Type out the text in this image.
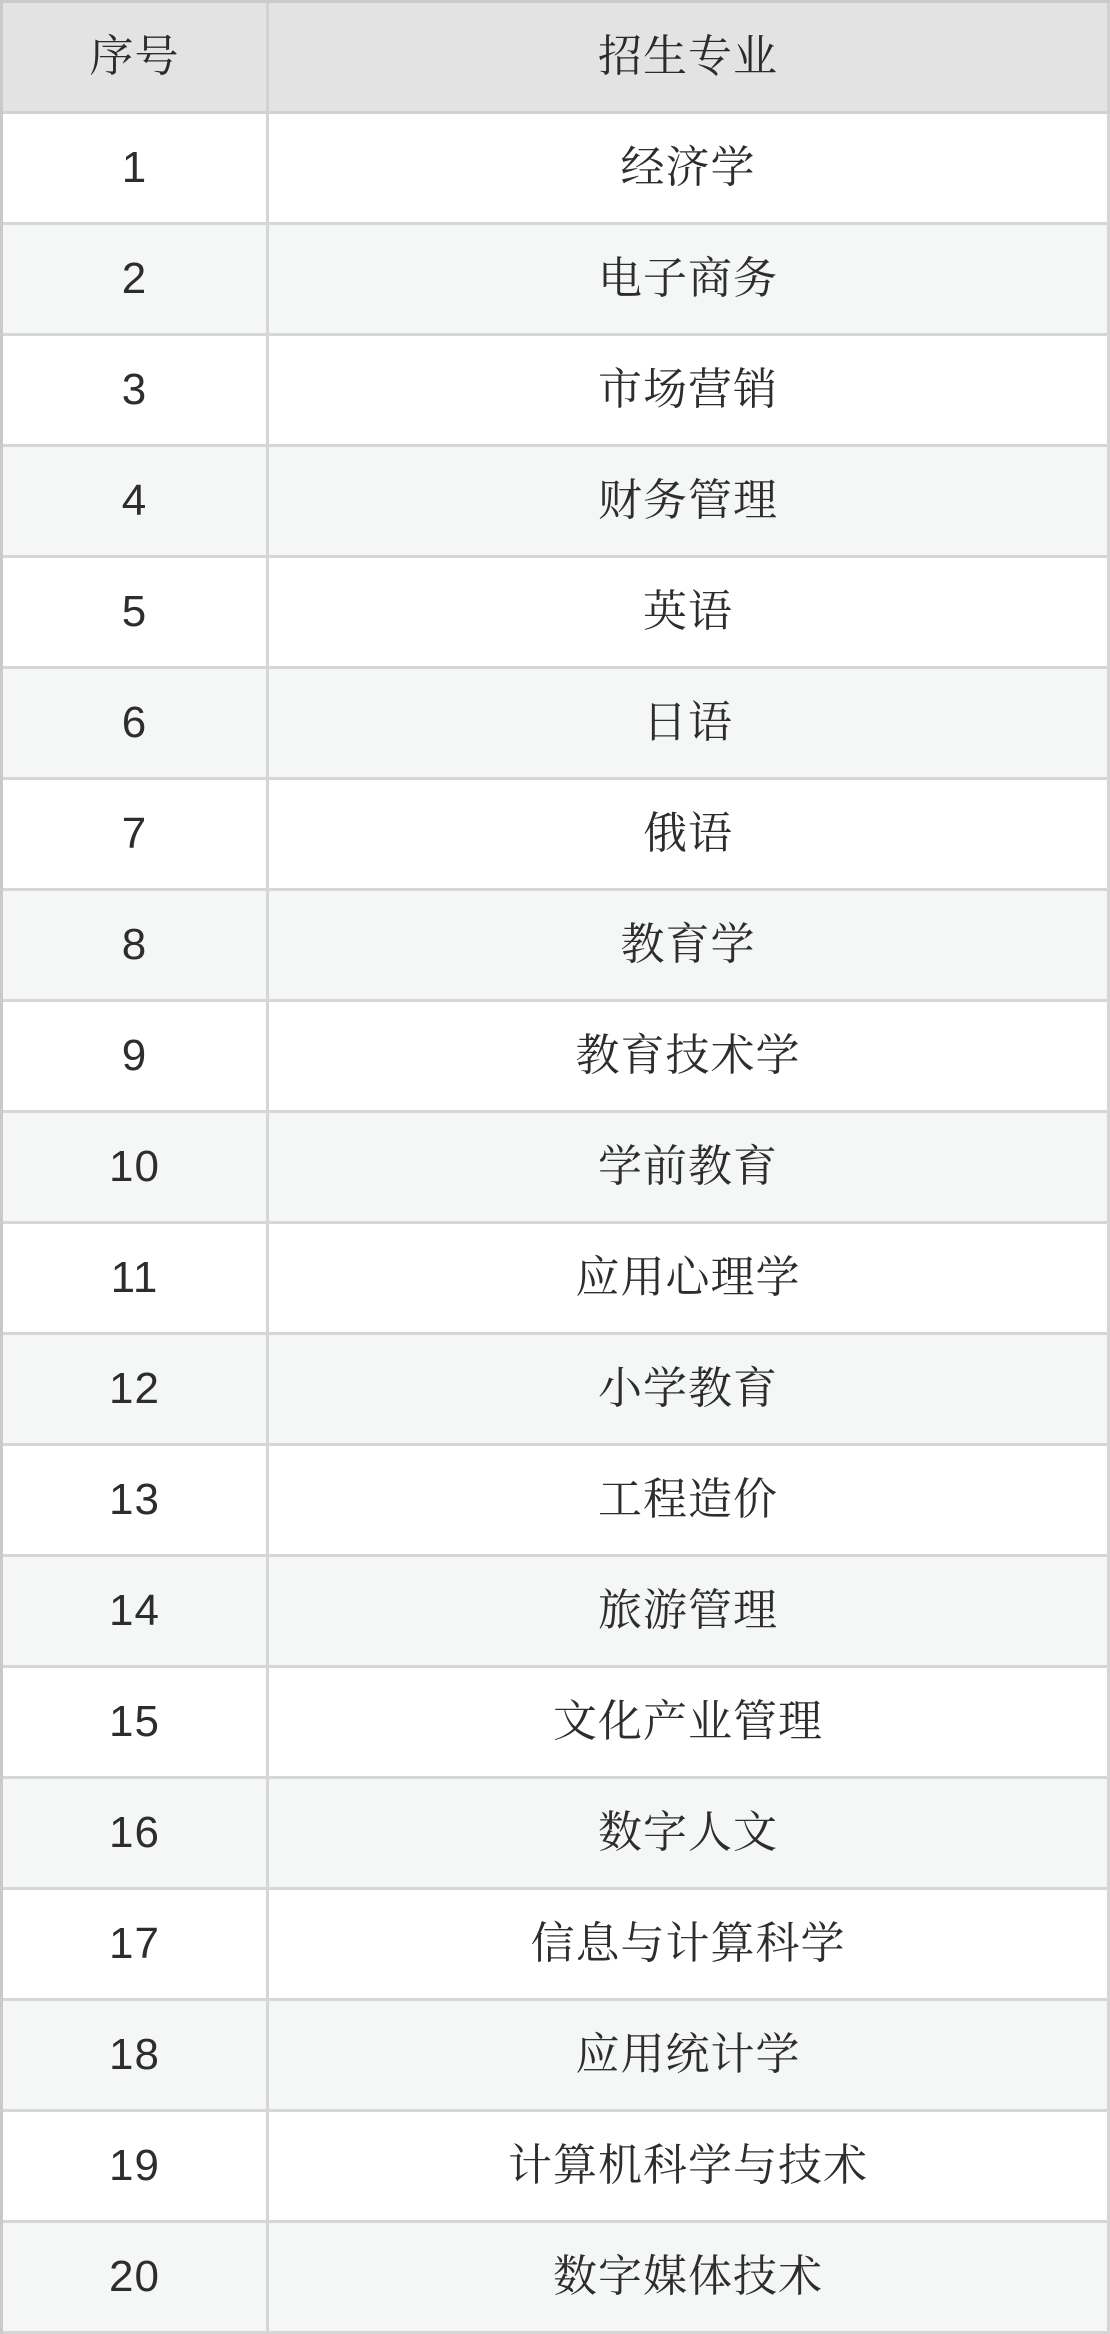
序号	招生专业
1	经济学
2	电子商务
3	市场营销
4	财务管理
5	英语
6	日语
7	俄语
8	教育学
9	教育技术学
10	学前教育
11	应用心理学
12	小学教育
13	工程造价
14	旅游管理
15	文化产业管理
16	数字人文
17	信息与计算科学
18	应用统计学
19	计算机科学与技术
20	数字媒体技术
